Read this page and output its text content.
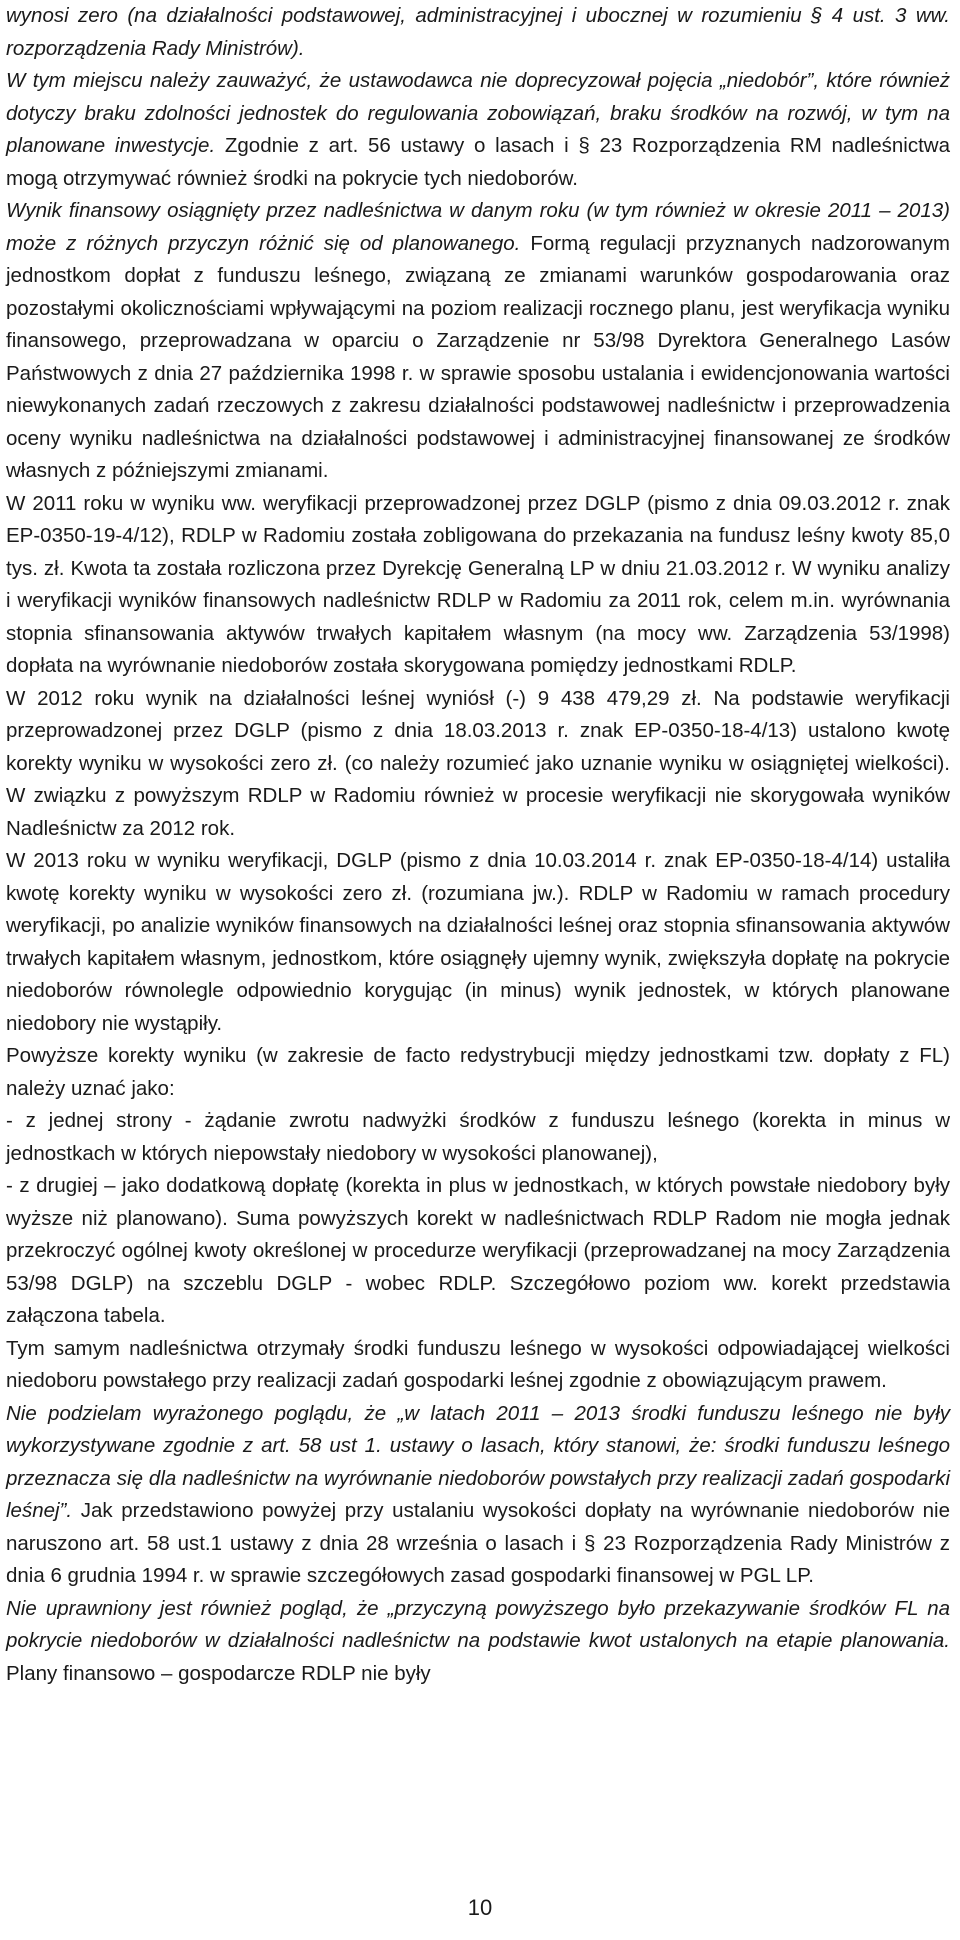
wynosi zero (na działalności podstawowej, administracyjnej i ubocznej w rozumieniu § 4 ust. 3 ww. rozporządzenia Rady Ministrów).

W tym miejscu należy zauważyć, że ustawodawca nie doprecyzował pojęcia „niedobór”, które również dotyczy braku zdolności jednostek do regulowania zobowiązań, braku środków na rozwój, w tym na planowane inwestycje. Zgodnie z art. 56 ustawy o lasach i § 23 Rozporządzenia RM nadleśnictwa mogą otrzymywać również środki na pokrycie tych niedoborów.

Wynik finansowy osiągnięty przez nadleśnictwa w danym roku (w tym również w okresie 2011 – 2013) może z różnych przyczyn różnić się od planowanego. Formą regulacji przyznanych nadzorowanym jednostkom dopłat z funduszu leśnego, związaną ze zmianami warunków gospodarowania oraz pozostałymi okolicznościami wpływającymi na poziom realizacji rocznego planu, jest weryfikacja wyniku finansowego, przeprowadzana w oparciu o Zarządzenie nr 53/98 Dyrektora Generalnego Lasów Państwowych z dnia 27 października 1998 r. w sprawie sposobu ustalania i ewidencjonowania wartości niewykonanych zadań rzeczowych z zakresu działalności podstawowej nadleśnictw i przeprowadzenia oceny wyniku nadleśnictwa na działalności podstawowej i administracyjnej finansowanej ze środków własnych z późniejszymi zmianami.

W 2011 roku w wyniku ww. weryfikacji przeprowadzonej przez DGLP (pismo z dnia 09.03.2012 r. znak EP-0350-19-4/12), RDLP w Radomiu została zobligowana do przekazania na fundusz leśny kwoty 85,0 tys. zł. Kwota ta została rozliczona przez Dyrekcję Generalną LP w dniu 21.03.2012 r. W wyniku analizy i weryfikacji wyników finansowych nadleśnictw RDLP w Radomiu za 2011 rok, celem m.in. wyrównania stopnia sfinansowania aktywów trwałych kapitałem własnym (na mocy ww. Zarządzenia 53/1998) dopłata na wyrównanie niedoborów została skorygowana pomiędzy jednostkami RDLP.

W 2012 roku wynik na działalności leśnej wyniósł (-) 9 438 479,29 zł. Na podstawie weryfikacji przeprowadzonej przez DGLP (pismo z dnia 18.03.2013 r. znak EP-0350-18-4/13) ustalono kwotę korekty wyniku w wysokości zero zł. (co należy rozumieć jako uznanie wyniku w osiągniętej wielkości). W związku z powyższym RDLP w Radomiu również w procesie weryfikacji nie skorygowała wyników Nadleśnictw za 2012 rok.

W 2013 roku w wyniku weryfikacji, DGLP (pismo z dnia 10.03.2014 r. znak EP-0350-18-4/14) ustaliła kwotę korekty wyniku w wysokości zero zł. (rozumiana jw.). RDLP w Radomiu w ramach procedury weryfikacji, po analizie wyników finansowych na działalności leśnej oraz stopnia sfinansowania aktywów trwałych kapitałem własnym, jednostkom, które osiągnęły ujemny wynik, zwiększyła dopłatę na pokrycie niedoborów równolegle odpowiednio korygując (in minus) wynik jednostek, w których planowane niedobory nie wystąpiły.

Powyższe korekty wyniku (w zakresie de facto redystrybucji między jednostkami tzw. dopłaty z FL) należy uznać jako:

- z jednej strony - żądanie zwrotu nadwyżki środków z funduszu leśnego (korekta in minus w jednostkach w których niepowstały niedobory w wysokości planowanej),

- z drugiej – jako dodatkową dopłatę (korekta in plus w jednostkach, w których powstałe niedobory były wyższe niż planowano). Suma powyższych korekt w nadleśnictwach RDLP Radom nie mogła jednak przekroczyć ogólnej kwoty określonej w procedurze weryfikacji (przeprowadzanej na mocy Zarządzenia 53/98 DGLP) na szczeblu DGLP - wobec RDLP. Szczegółowo poziom ww. korekt przedstawia załączona tabela.

Tym samym nadleśnictwa otrzymały środki funduszu leśnego w wysokości odpowiadającej wielkości niedoboru powstałego przy realizacji zadań gospodarki leśnej zgodnie z obowiązującym prawem.

Nie podzielam wyrażonego poglądu, że „w latach 2011 – 2013 środki funduszu leśnego nie były wykorzystywane zgodnie z art. 58 ust 1. ustawy o lasach, który stanowi, że: środki funduszu leśnego przeznacza się dla nadleśnictw na wyrównanie niedoborów powstałych przy realizacji zadań gospodarki leśnej”. Jak przedstawiono powyżej przy ustalaniu wysokości dopłaty na wyrównanie niedoborów nie naruszono art. 58 ust.1 ustawy z dnia 28 września o lasach i § 23 Rozporządzenia Rady Ministrów z dnia 6 grudnia 1994 r. w sprawie szczegółowych zasad gospodarki finansowej w PGL LP.

Nie uprawniony jest również pogląd, że „przyczyną powyższego było przekazywanie środków FL na pokrycie niedoborów w działalności nadleśnictw na podstawie kwot ustalonych na etapie planowania. Plany finansowo – gospodarcze RDLP nie były

10
